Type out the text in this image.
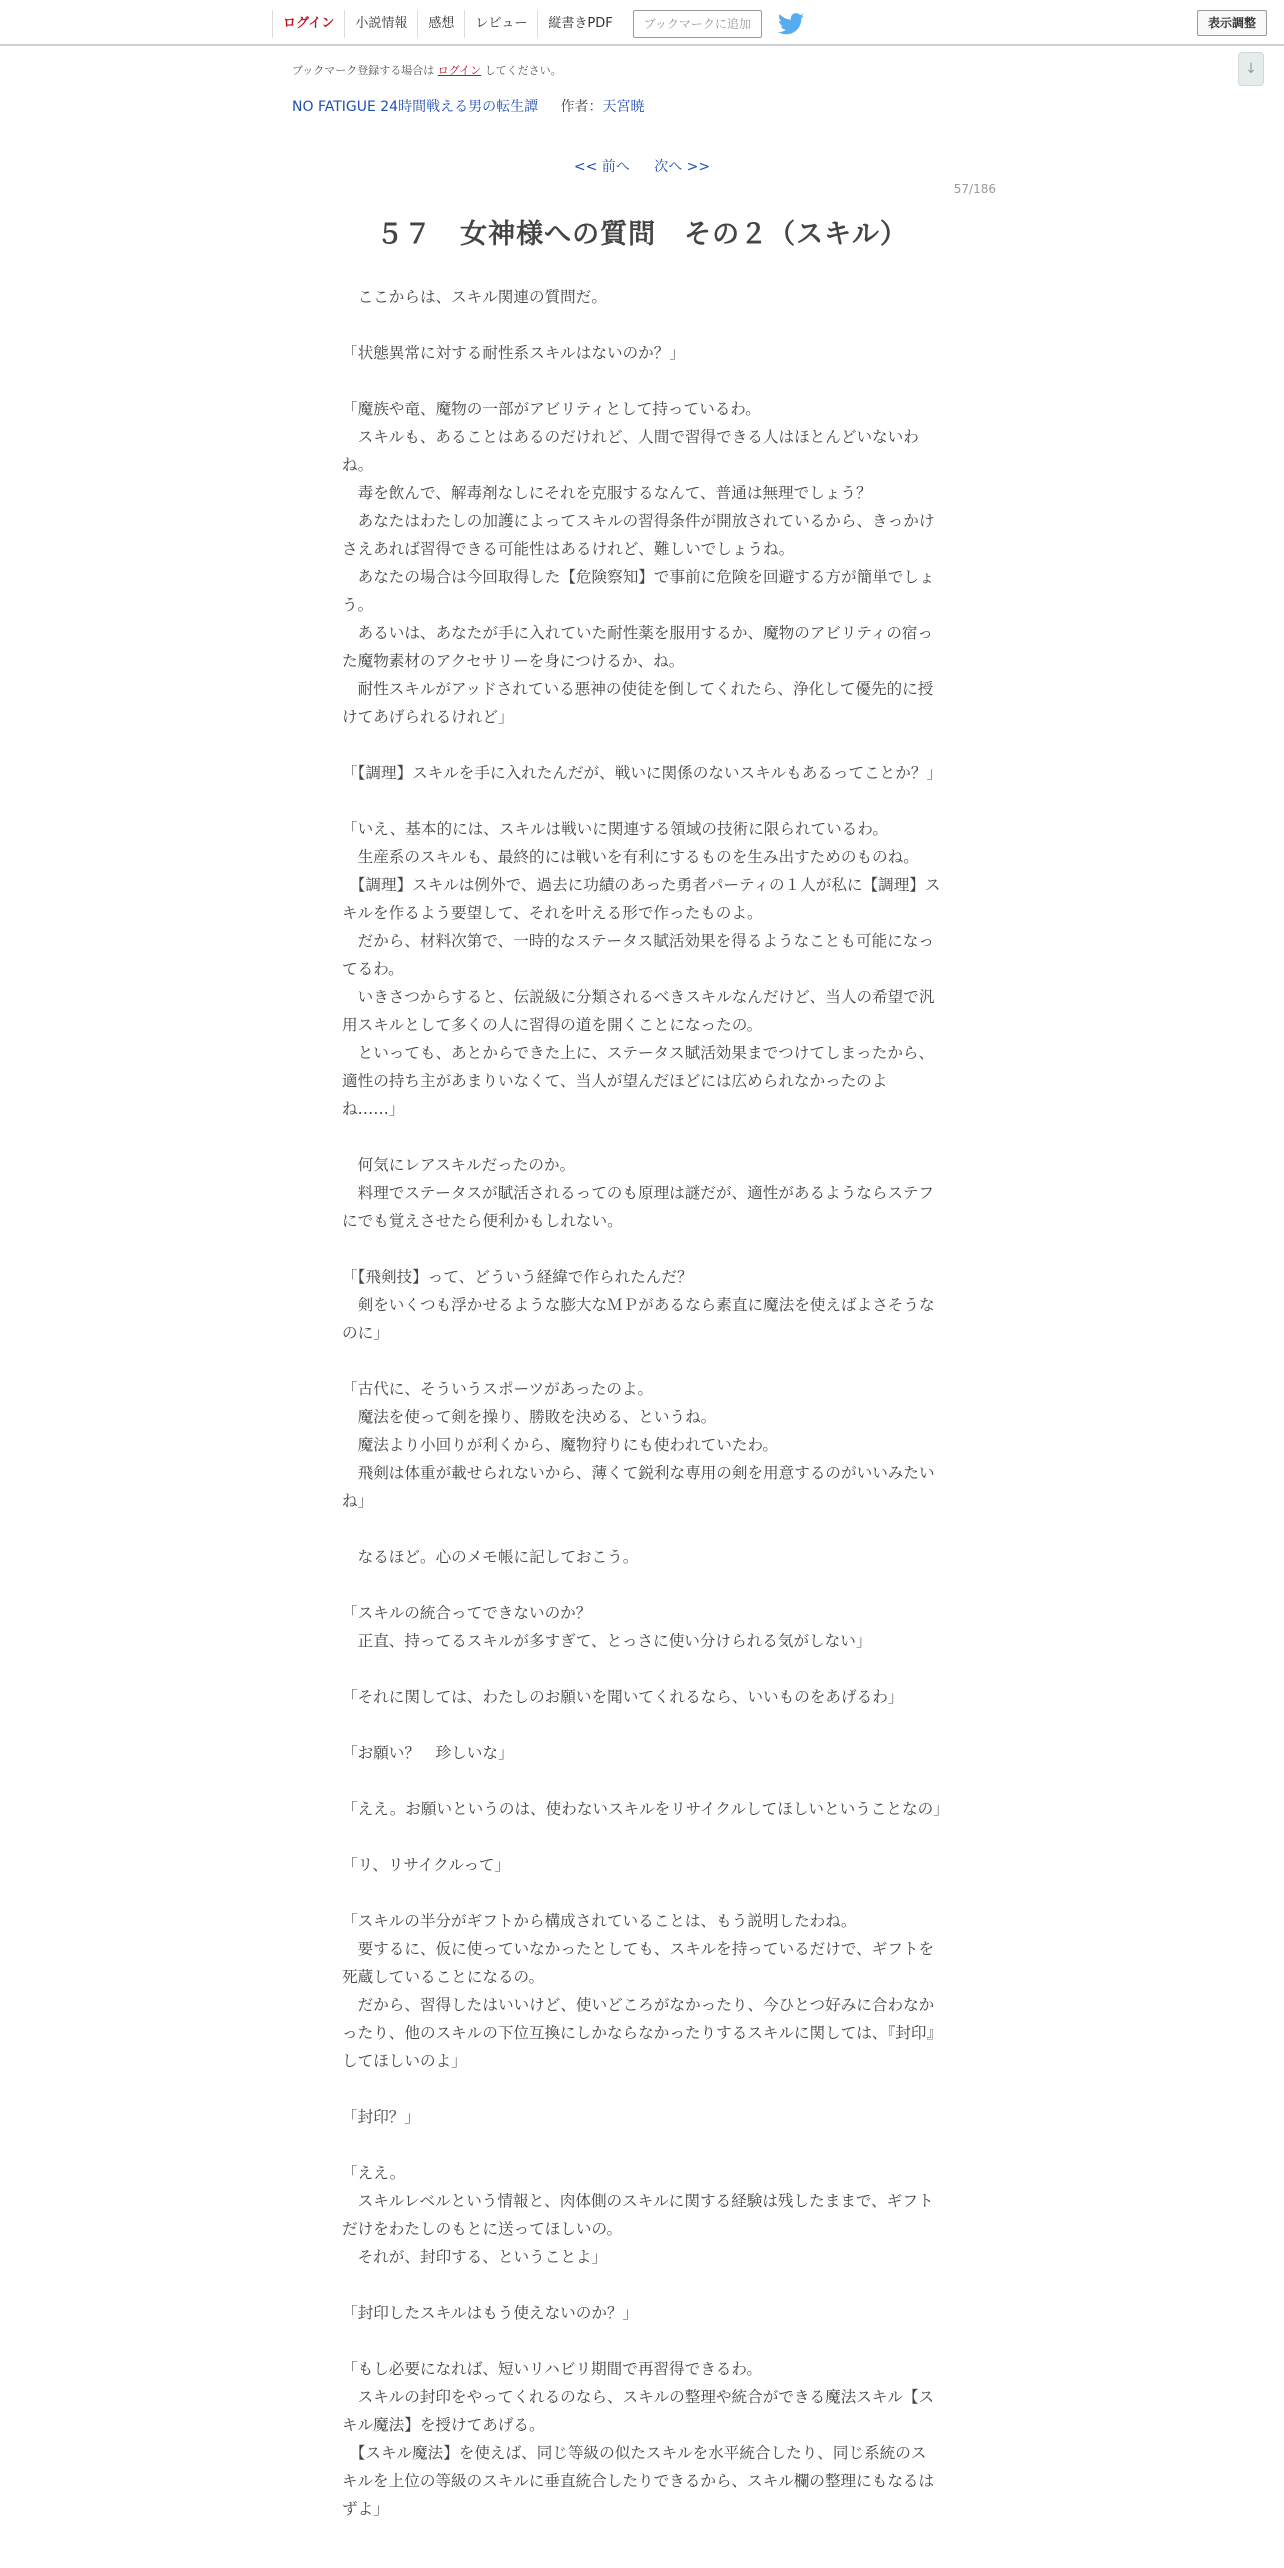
ログイン	小説情報	感想	レビュー	縦書きPDF	ブックマークに追加	表示調整
↓
ブックマーク登録する場合は ログイン してください。
NO FATIGUE 24時間戦える男の転生譚 作者：天宮暁
<< 前へ 次へ >>
57/186
５７　女神様への質問　その２（スキル）

　ここからは、スキル関連の質問だ。

「状態異常に対する耐性系スキルはないのか？」

「魔族や竜、魔物の一部がアビリティとして持っているわ。

　スキルも、あることはあるのだけれど、人間で習得できる人はほとんどいないわね。

　毒を飲んで、解毒剤なしにそれを克服するなんて、普通は無理でしょう？

　あなたはわたしの加護によってスキルの習得条件が開放されているから、きっかけさえあれば習得できる可能性はあるけれど、難しいでしょうね。

　あなたの場合は今回取得した【危険察知】で事前に危険を回避する方が簡単でしょう。

　あるいは、あなたが手に入れていた耐性薬を服用するか、魔物のアビリティの宿った魔物素材のアクセサリーを身につけるか、ね。

　耐性スキルがアッドされている悪神の使徒を倒してくれたら、浄化して優先的に授けてあげられるけれど」

「【調理】スキルを手に入れたんだが、戦いに関係のないスキルもあるってことか？」

「いえ、基本的には、スキルは戦いに関連する領域の技術に限られているわ。

　生産系のスキルも、最終的には戦いを有利にするものを生み出すためのものね。

　【調理】スキルは例外で、過去に功績のあった勇者パーティの１人が私に【調理】スキルを作るよう要望して、それを叶える形で作ったものよ。

　だから、材料次第で、一時的なステータス賦活効果を得るようなことも可能になってるわ。

　いきさつからすると、伝説級に分類されるべきスキルなんだけど、当人の希望で汎用スキルとして多くの人に習得の道を開くことになったの。

　といっても、あとからできた上に、ステータス賦活効果までつけてしまったから、適性の持ち主があまりいなくて、当人が望んだほどには広められなかったのよね……」

　何気にレアスキルだったのか。

　料理でステータスが賦活されるってのも原理は謎だが、適性があるようならステフにでも覚えさせたら便利かもしれない。

「【飛剣技】って、どういう経緯で作られたんだ？

　剣をいくつも浮かせるような膨大なＭＰがあるなら素直に魔法を使えばよさそうなのに」

「古代に、そういうスポーツがあったのよ。

　魔法を使って剣を操り、勝敗を決める、というね。

　魔法より小回りが利くから、魔物狩りにも使われていたわ。

　飛剣は体重が載せられないから、薄くて鋭利な専用の剣を用意するのがいいみたいね」

　なるほど。心のメモ帳に記しておこう。

「スキルの統合ってできないのか？

　正直、持ってるスキルが多すぎて、とっさに使い分けられる気がしない」

「それに関しては、わたしのお願いを聞いてくれるなら、いいものをあげるわ」

「お願い？　珍しいな」

「ええ。お願いというのは、使わないスキルをリサイクルしてほしいということなの」

「リ、リサイクルって」

「スキルの半分がギフトから構成されていることは、もう説明したわね。

　要するに、仮に使っていなかったとしても、スキルを持っているだけで、ギフトを死蔵していることになるの。

　だから、習得したはいいけど、使いどころがなかったり、今ひとつ好みに合わなかったり、他のスキルの下位互換にしかならなかったりするスキルに関しては、『封印』してほしいのよ」

「封印？」

「ええ。

　スキルレベルという情報と、肉体側のスキルに関する経験は残したままで、ギフトだけをわたしのもとに送ってほしいの。

　それが、封印する、ということよ」

「封印したスキルはもう使えないのか？」

「もし必要になれば、短いリハビリ期間で再習得できるわ。

　スキルの封印をやってくれるのなら、スキルの整理や統合ができる魔法スキル【スキル魔法】を授けてあげる。

　【スキル魔法】を使えば、同じ等級の似たスキルを水平統合したり、同じ系統のスキルを上位の等級のスキルに垂直統合したりできるから、スキル欄の整理にもなるはずよ」
